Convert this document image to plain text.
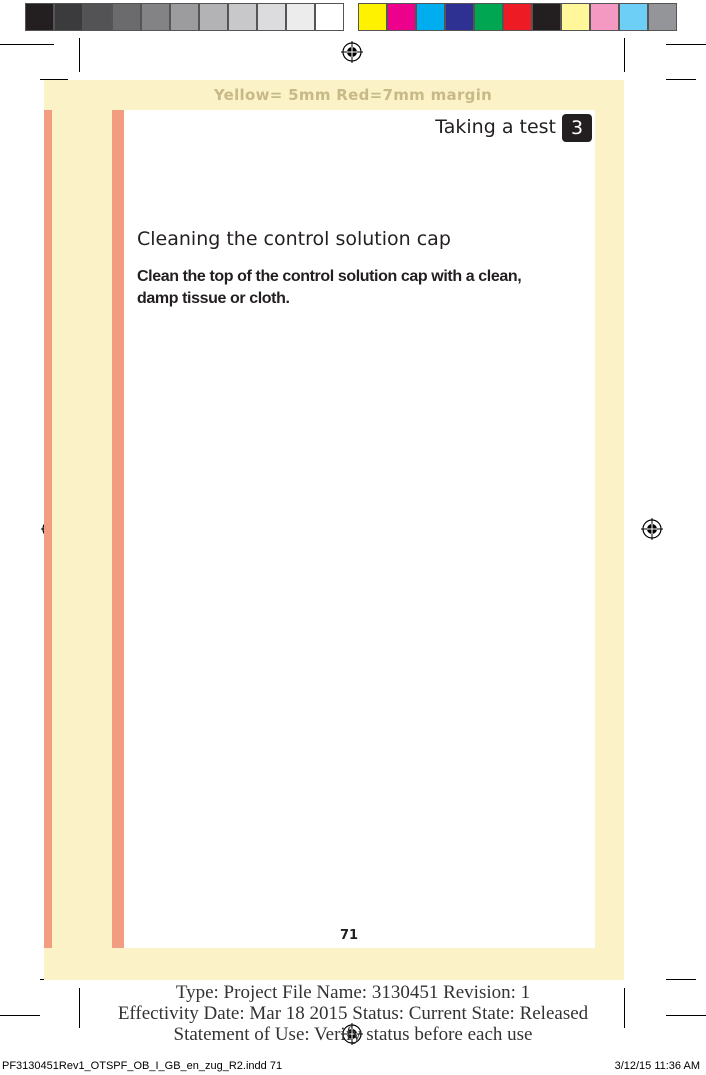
Yellow= 5mm Red=7mm margin
Taking a test 3
Cleaning the control solution cap
Clean the top of the control solution cap with a clean,
damp tissue or cloth.
71
Type: Project File Name: 3130451 Revision: 1
Effectivity Date: Mar 18 2015 Status: Current State: Released
Statement of Use: Verify status before each use
PF3130451Rev1_OTSPF_OB_I_GB_en_zug_R2.indd 71	3/12/15 11:36 AM
